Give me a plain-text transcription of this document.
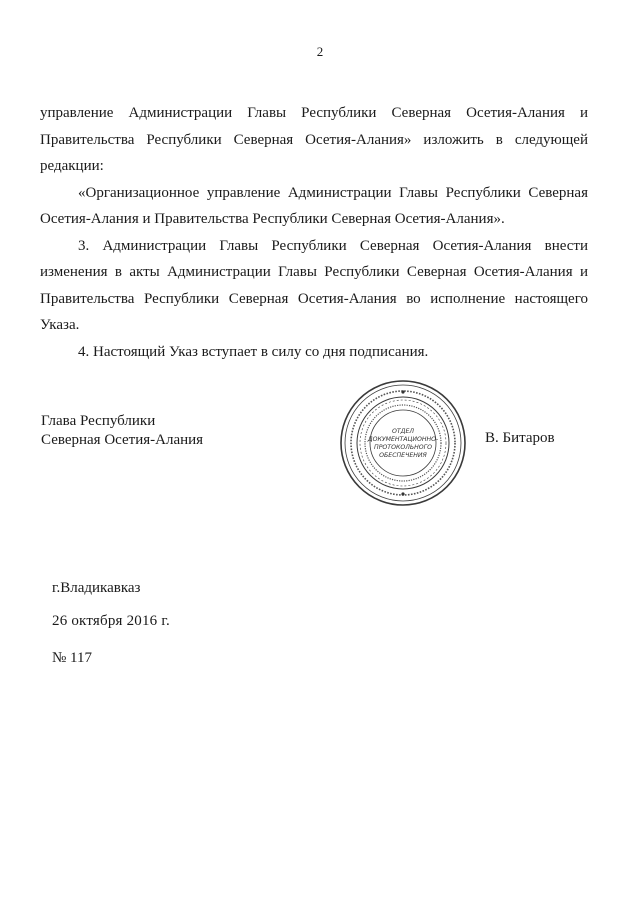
2

управление Администрации Главы Республики Северная Осетия-Алания и Правительства Республики Северная Осетия-Алания» изложить в следующей редакции:

«Организационное управление Администрации Главы Республики Северная Осетия-Алания и Правительства Республики Северная Осетия-Алания».

3. Администрации Главы Республики Северная Осетия-Алания внести изменения в акты Администрации Главы Республики Северная Осетия-Алания и Правительства Республики Северная Осетия-Алания во исполнение настоящего Указа.

4. Настоящий Указ вступает в силу со дня подписания.

Глава Республики
Северная Осетия-Алания
ОТДЕЛ
ДОКУМЕНТАЦИОННО-
ПРОТОКОЛЬНОГО
ОБЕСПЕЧЕНИЯ
В. Битаров
г.Владикавказ
26 октября 2016 г.
№ 117
